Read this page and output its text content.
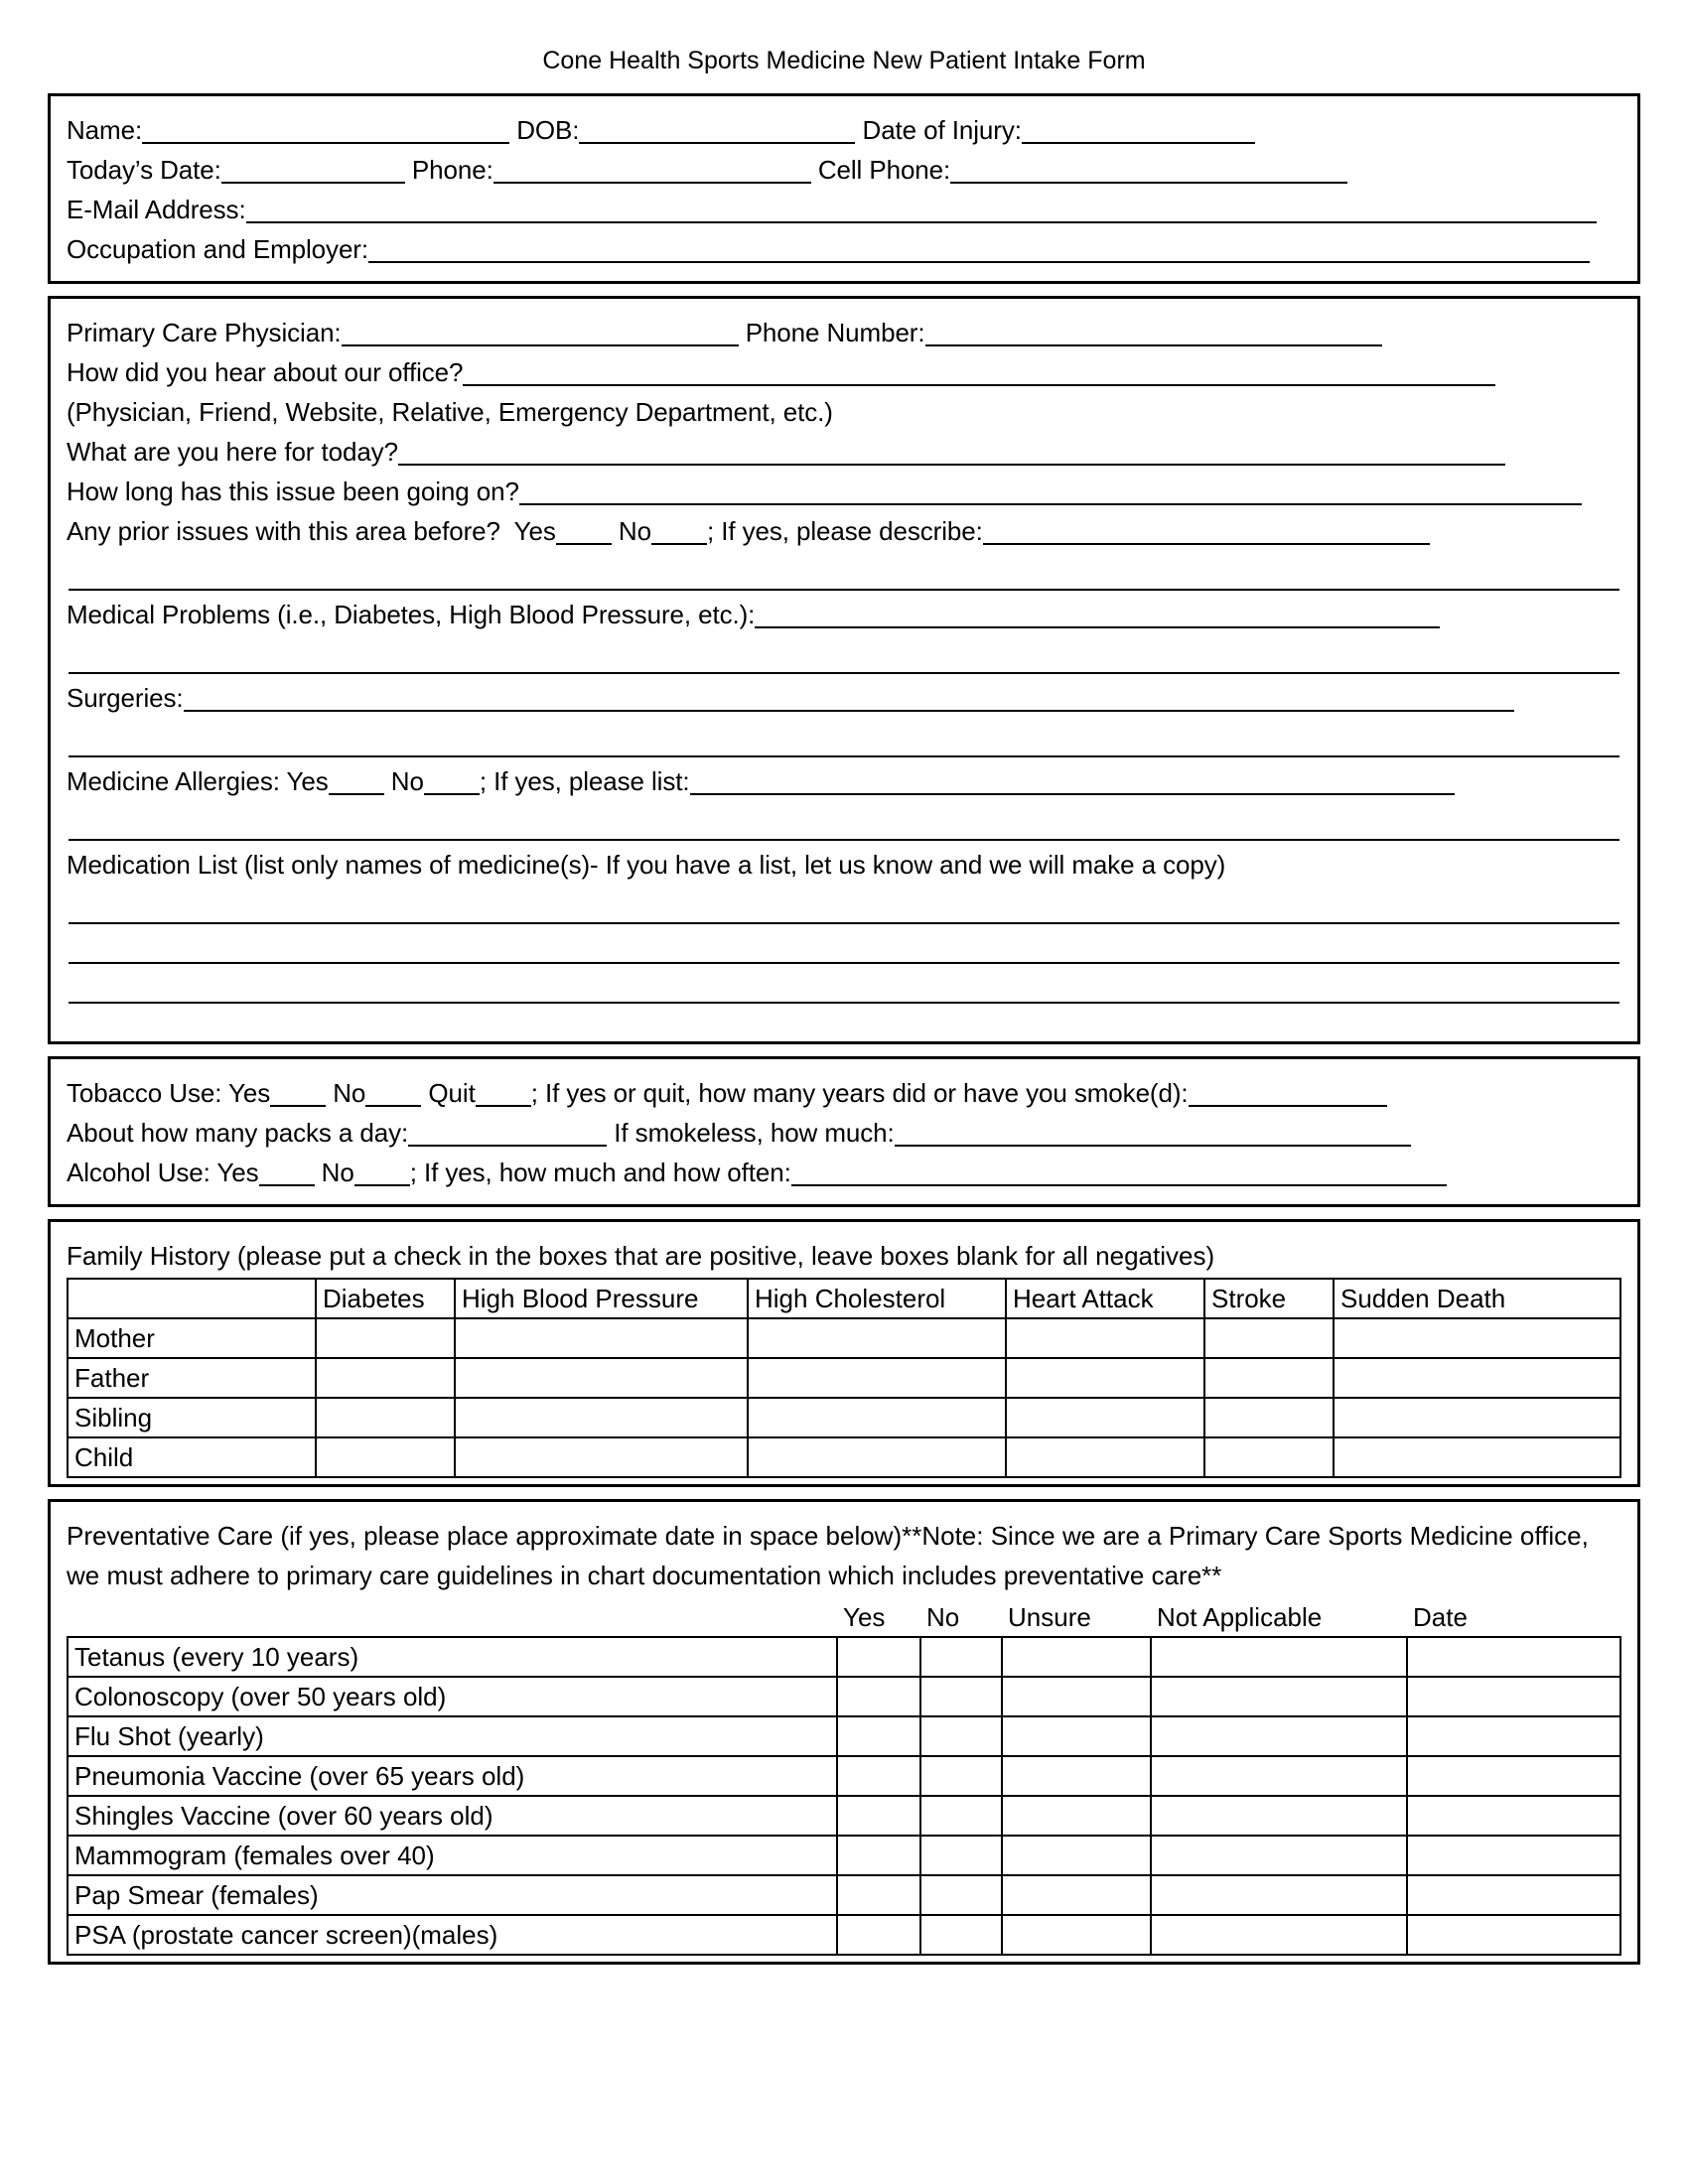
Cone Health Sports Medicine New Patient Intake Form
Name:	DOB:	Date of Injury:
Today’s Date:	Phone:	Cell Phone:
E-Mail Address:
Occupation and Employer:
Primary Care Physician:	Phone Number:
How did you hear about our office?
(Physician, Friend, Website, Relative, Emergency Department, etc.)
What are you here for today?
How long has this issue been going on?
Any prior issues with this area before? Yes No ; If yes, please describe:
Medical Problems (i.e., Diabetes, High Blood Pressure, etc.):
Surgeries:
Medicine Allergies: Yes No ; If yes, please list:
Medication List (list only names of medicine(s)- If you have a list, let us know and we will make a copy)
Tobacco Use: Yes No Quit ; If yes or quit, how many years did or have you smoke(d):
About how many packs a day:	If smokeless, how much:
Alcohol Use: Yes No ; If yes, how much and how often:
Family History (please put a check in the boxes that are positive, leave boxes blank for all negatives)
	Diabetes	High Blood Pressure	High Cholesterol	Heart Attack	Stroke	Sudden Death
Mother						
Father						
Sibling						
Child						
Preventative Care (if yes, please place approximate date in space below)**Note: Since we are a Primary Care Sports Medicine office, we must adhere to primary care guidelines in chart documentation which includes preventative care**
	Yes	No	Unsure	Not Applicable	Date
Tetanus (every 10 years)					
Colonoscopy (over 50 years old)					
Flu Shot (yearly)					
Pneumonia Vaccine (over 65 years old)					
Shingles Vaccine (over 60 years old)					
Mammogram (females over 40)					
Pap Smear (females)					
PSA (prostate cancer screen)(males)					
